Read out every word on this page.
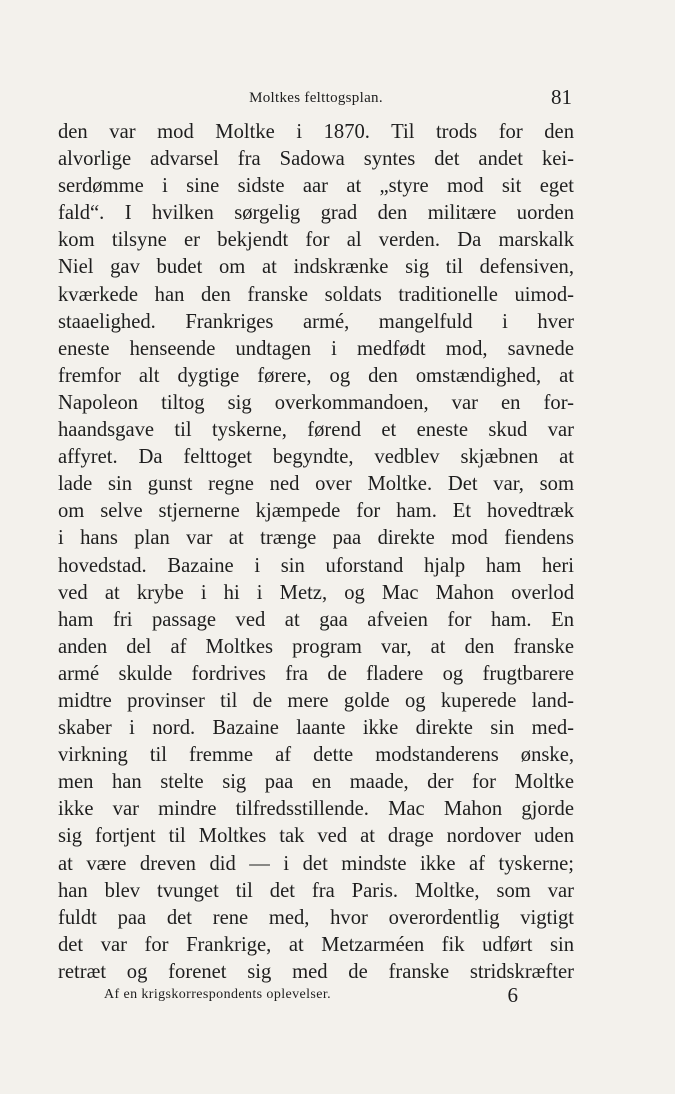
Moltkes felttogsplan.	81
den var mod Moltke i 1870. Til trods for den
alvorlige advarsel fra Sadowa syntes det andet kei-
serdømme i sine sidste aar at „styre mod sit eget
fald“. I hvilken sørgelig grad den militære uorden
kom tilsyne er bekjendt for al verden. Da marskalk
Niel gav budet om at indskrænke sig til defensiven,
kværkede han den franske soldats traditionelle uimod-
staaelighed. Frankriges armé, mangelfuld i hver
eneste henseende undtagen i medfødt mod, savnede
fremfor alt dygtige førere, og den omstændighed, at
Napoleon tiltog sig overkommandoen, var en for-
haandsgave til tyskerne, førend et eneste skud var
affyret. Da felttoget begyndte, vedblev skjæbnen at
lade sin gunst regne ned over Moltke. Det var, som
om selve stjernerne kjæmpede for ham. Et hovedtræk
i hans plan var at trænge paa direkte mod fiendens
hovedstad. Bazaine i sin uforstand hjalp ham heri
ved at krybe i hi i Metz, og Mac Mahon overlod
ham fri passage ved at gaa afveien for ham. En
anden del af Moltkes program var, at den franske
armé skulde fordrives fra de fladere og frugtbarere
midtre provinser til de mere golde og kuperede land-
skaber i nord. Bazaine laante ikke direkte sin med-
virkning til fremme af dette modstanderens ønske,
men han stelte sig paa en maade, der for Moltke
ikke var mindre tilfredsstillende. Mac Mahon gjorde
sig fortjent til Moltkes tak ved at drage nordover uden
at være dreven did — i det mindste ikke af tyskerne;
han blev tvunget til det fra Paris. Moltke, som var
fuldt paa det rene med, hvor overordentlig vigtigt
det var for Frankrige, at Metzarméen fik udført sin
retræt og forenet sig med de franske stridskræfter
Af en krigskorrespondents oplevelser.	6
